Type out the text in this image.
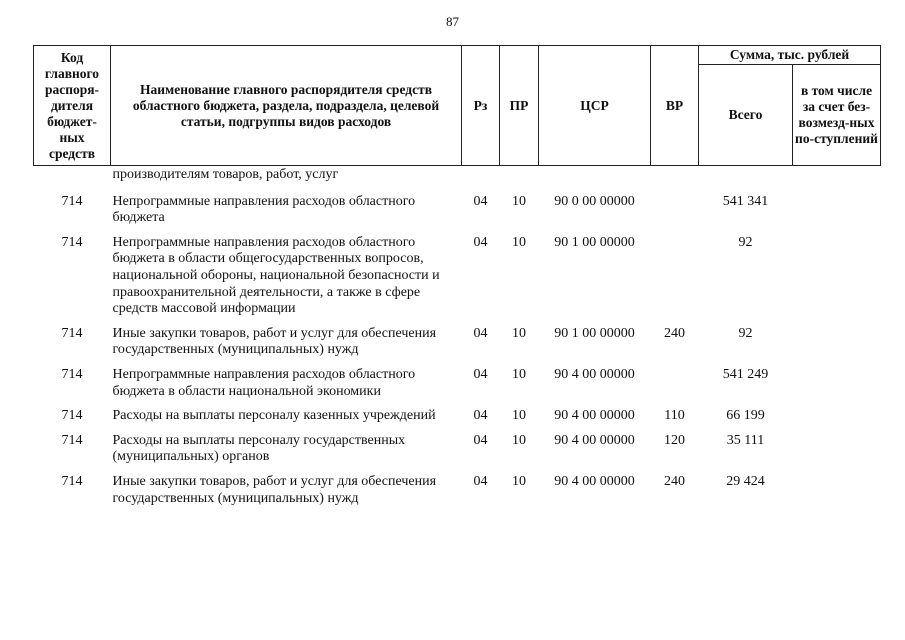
87
Код главного распоря-дителя бюджет-ных средств	Наименование главного распорядителя средств областного бюджета, раздела, подраздела, целевой статьи, подгруппы видов расходов	Рз	ПР	ЦСР	ВР	Сумма, тыс. рублей	
						Всего	в том числе за счет без-возмезд-ных по-ступлений
	производителям товаров, работ, услуг						
714	Непрограммные направления расходов областного бюджета	04	10	90 0 00 00000		541 341	
714	Непрограммные направления расходов областного бюджета в области общегосударственных вопросов, национальной обороны, национальной безопасности и правоохранительной деятельности, а также в сфере средств массовой информации	04	10	90 1 00 00000		92	
714	Иные закупки товаров, работ и услуг для обеспечения государственных (муниципальных) нужд	04	10	90 1 00 00000	240	92	
714	Непрограммные направления расходов областного бюджета в области национальной экономики	04	10	90 4 00 00000		541 249	
714	Расходы на выплаты персоналу казенных учреждений	04	10	90 4 00 00000	110	66 199	
714	Расходы на выплаты персоналу государственных (муниципальных) органов	04	10	90 4 00 00000	120	35 111	
714	Иные закупки товаров, работ и услуг для обеспечения государственных (муниципальных) нужд	04	10	90 4 00 00000	240	29 424	
